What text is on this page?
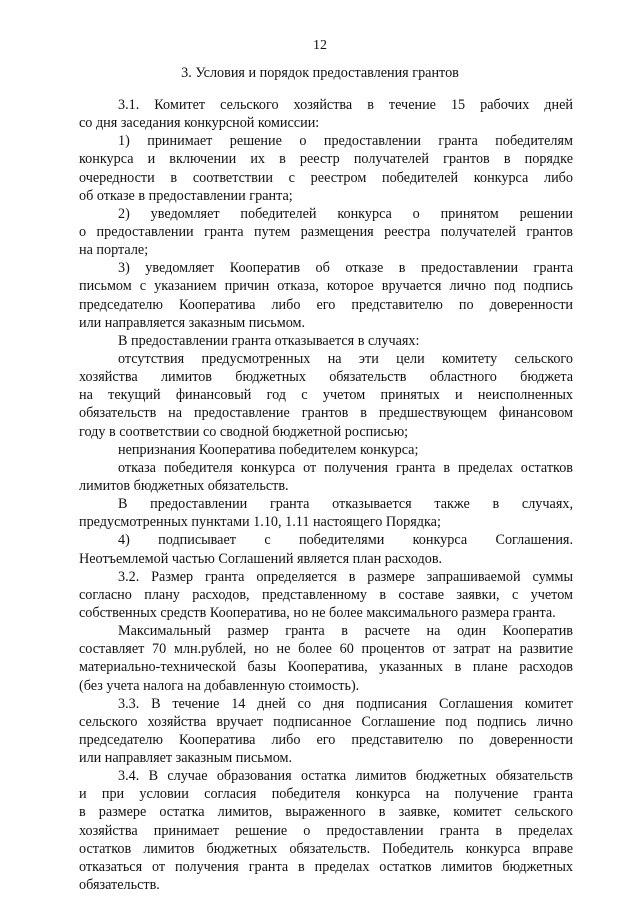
12
3. Условия и порядок предоставления грантов
3.1. Комитет сельского хозяйства в течение 15 рабочих дней
со дня заседания конкурсной комиссии:
1) принимает решение о предоставлении гранта победителям
конкурса и включении их в реестр получателей грантов в порядке
очередности в соответствии с реестром победителей конкурса либо
об отказе в предоставлении гранта;
2) уведомляет победителей конкурса о принятом решении
о предоставлении гранта путем размещения реестра получателей грантов
на портале;
3) уведомляет Кооператив об отказе в предоставлении гранта
письмом с указанием причин отказа, которое вручается лично под подпись
председателю Кооператива либо его представителю по доверенности
или направляется заказным письмом.
В предоставлении гранта отказывается в случаях:
отсутствия предусмотренных на эти цели комитету сельского
хозяйства лимитов бюджетных обязательств областного бюджета
на текущий финансовый год с учетом принятых и неисполненных
обязательств на предоставление грантов в предшествующем финансовом
году в соответствии со сводной бюджетной росписью;
непризнания Кооператива победителем конкурса;
отказа победителя конкурса от получения гранта в пределах остатков
лимитов бюджетных обязательств.
В предоставлении гранта отказывается также в случаях,
предусмотренных пунктами 1.10, 1.11 настоящего Порядка;
4) подписывает с победителями конкурса Соглашения.
Неотъемлемой частью Соглашений является план расходов.
3.2. Размер гранта определяется в размере запрашиваемой суммы
согласно плану расходов, представленному в составе заявки, с учетом
собственных средств Кооператива, но не более максимального размера гранта.
Максимальный размер гранта в расчете на один Кооператив
составляет 70 млн.рублей, но не более 60 процентов от затрат на развитие
материально-технической базы Кооператива, указанных в плане расходов
(без учета налога на добавленную стоимость).
3.3. В течение 14 дней со дня подписания Соглашения комитет
сельского хозяйства вручает подписанное Соглашение под подпись лично
председателю Кооператива либо его представителю по доверенности
или направляет заказным письмом.
3.4. В случае образования остатка лимитов бюджетных обязательств
и при условии согласия победителя конкурса на получение гранта
в размере остатка лимитов, выраженного в заявке, комитет сельского
хозяйства принимает решение о предоставлении гранта в пределах
остатков лимитов бюджетных обязательств. Победитель конкурса вправе
отказаться от получения гранта в пределах остатков лимитов бюджетных
обязательств.
